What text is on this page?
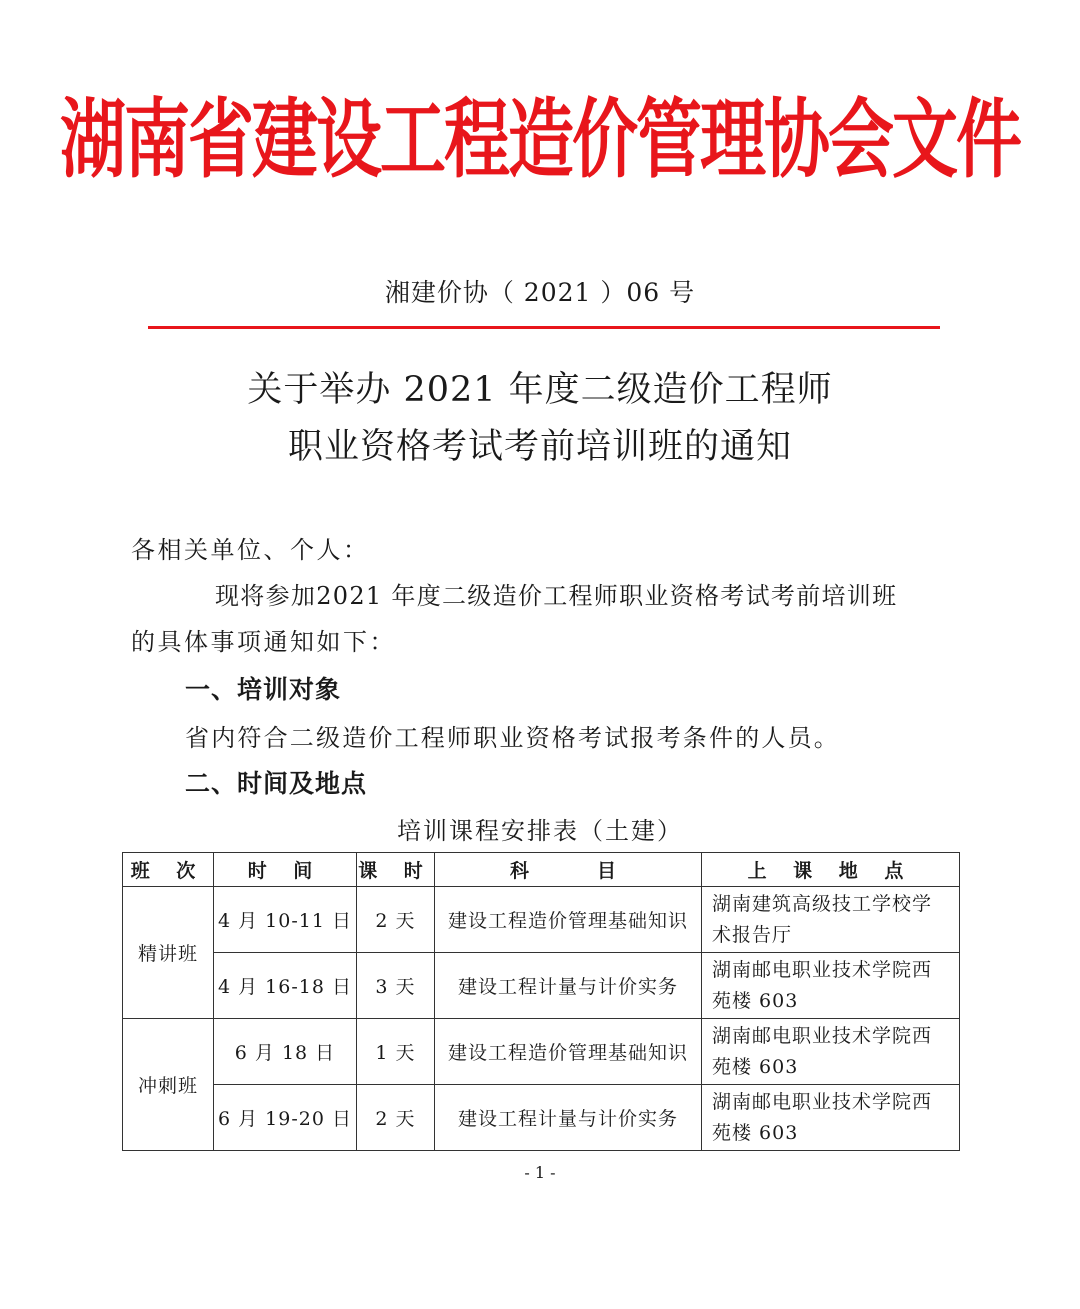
湖南省建设工程造价管理协会文件
湘建价协（ 2021 ）06 号
关于举办 2021 年度二级造价工程师
职业资格考试考前培训班的通知
各相关单位、个人：
现将参加2021 年度二级造价工程师职业资格考试考前培训班
的具体事项通知如下：
一、培训对象
省内符合二级造价工程师职业资格考试报考条件的人员。
二、时间及地点
培训课程安排表（土建）
班 次	时 间	课 时	科　　目	上 课 地 点
精讲班	4 月 10-11 日	2 天	建设工程造价管理基础知识	湖南建筑高级技工学校学
术报告厅
	4 月 16-18 日	3 天	建设工程计量与计价实务	湖南邮电职业技术学院西
苑楼 603
冲刺班	6 月 18 日	1 天	建设工程造价管理基础知识	湖南邮电职业技术学院西
苑楼 603
	6 月 19-20 日	2 天	建设工程计量与计价实务	湖南邮电职业技术学院西
苑楼 603
- 1 -
